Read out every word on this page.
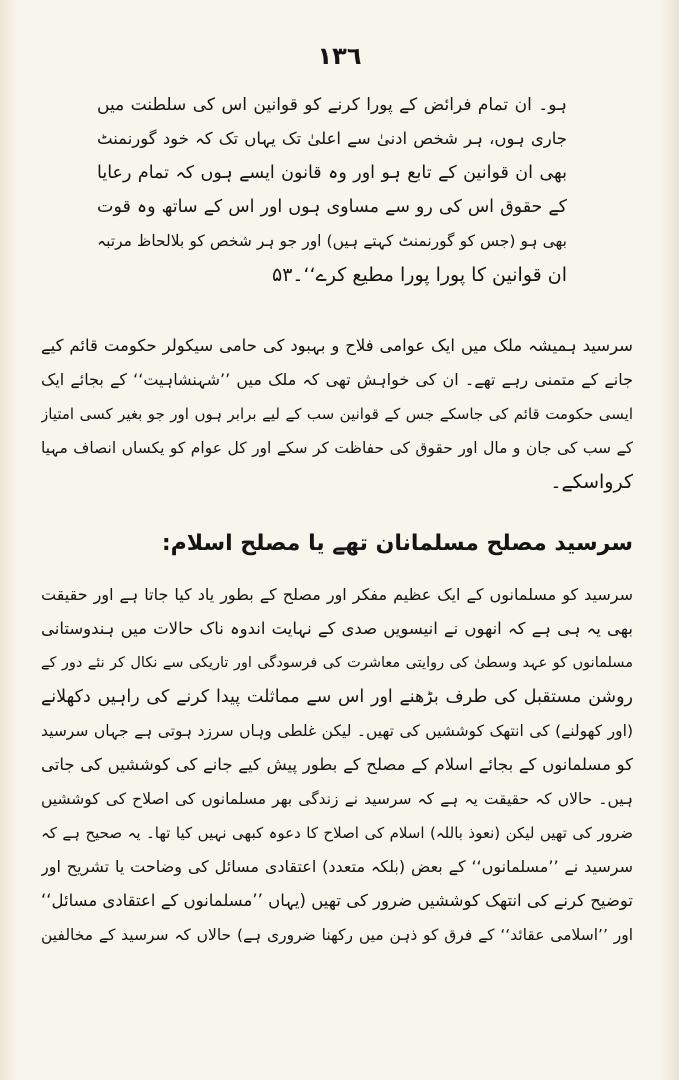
١٣٦
ہو۔ ان تمام فرائض کے پورا کرنے کو قوانین اس کی سلطنت میں
جاری ہوں، ہر شخص ادنیٰ سے اعلیٰ تک یہاں تک کہ خود گورنمنٹ
بھی ان قوانین کے تابع ہو اور وہ قانون ایسے ہوں کہ تمام رعایا
کے حقوق اس کی رو سے مساوی ہوں اور اس کے ساتھ وہ قوت
بھی ہو (جس کو گورنمنٹ کہتے ہیں) اور جو ہر شخص کو بلالحاظ مرتبہ
ان قوانین کا پورا پورا مطیع کرے‘‘۔۵۳
سرسید ہمیشہ ملک میں ایک عوامی فلاح و بہبود کی حامی سیکولر حکومت قائم کیے
جانے کے متمنی رہے تھے۔ ان کی خواہش تھی کہ ملک میں ’’شہنشاہیت‘‘ کے بجائے ایک
ایسی حکومت قائم کی جاسکے جس کے قوانین سب کے لیے برابر ہوں اور جو بغیر کسی امتیاز
کے سب کی جان و مال اور حقوق کی حفاظت کر سکے اور کل عوام کو یکساں انصاف مہیا
کرواسکے۔
سرسید مصلح مسلمانان تھے یا مصلح اسلام:
سرسید کو مسلمانوں کے ایک عظیم مفکر اور مصلح کے بطور یاد کیا جاتا ہے اور حقیقت
بھی یہ ہی ہے کہ انھوں نے انیسویں صدی کے نہایت اندوہ ناک حالات میں ہندوستانی
مسلمانوں کو عہد وسطیٰ کی روایتی معاشرت کی فرسودگی اور تاریکی سے نکال کر نئے دور کے
روشن مستقبل کی طرف بڑھنے اور اس سے مماثلت پیدا کرنے کی راہیں دکھلانے
(اور کھولنے) کی انتھک کوششیں کی تھیں۔ لیکن غلطی وہاں سرزد ہوتی ہے جہاں سرسید
کو مسلمانوں کے بجائے اسلام کے مصلح کے بطور پیش کیے جانے کی کوششیں کی جاتی
ہیں۔ حالاں کہ حقیقت یہ ہے کہ سرسید نے زندگی بھر مسلمانوں کی اصلاح کی کوششیں
ضرور کی تھیں لیکن (نعوذ باللہ) اسلام کی اصلاح کا دعوہ کبھی نہیں کیا تھا۔ یہ صحیح ہے کہ
سرسید نے ’’مسلمانوں‘‘ کے بعض (بلکہ متعدد) اعتقادی مسائل کی وضاحت یا تشریح اور
توضیح کرنے کی انتھک کوششیں ضرور کی تھیں (یہاں ’’مسلمانوں کے اعتقادی مسائل‘‘
اور ’’اسلامی عقائد‘‘ کے فرق کو ذہن میں رکھنا ضروری ہے) حالاں کہ سرسید کے مخالفین
